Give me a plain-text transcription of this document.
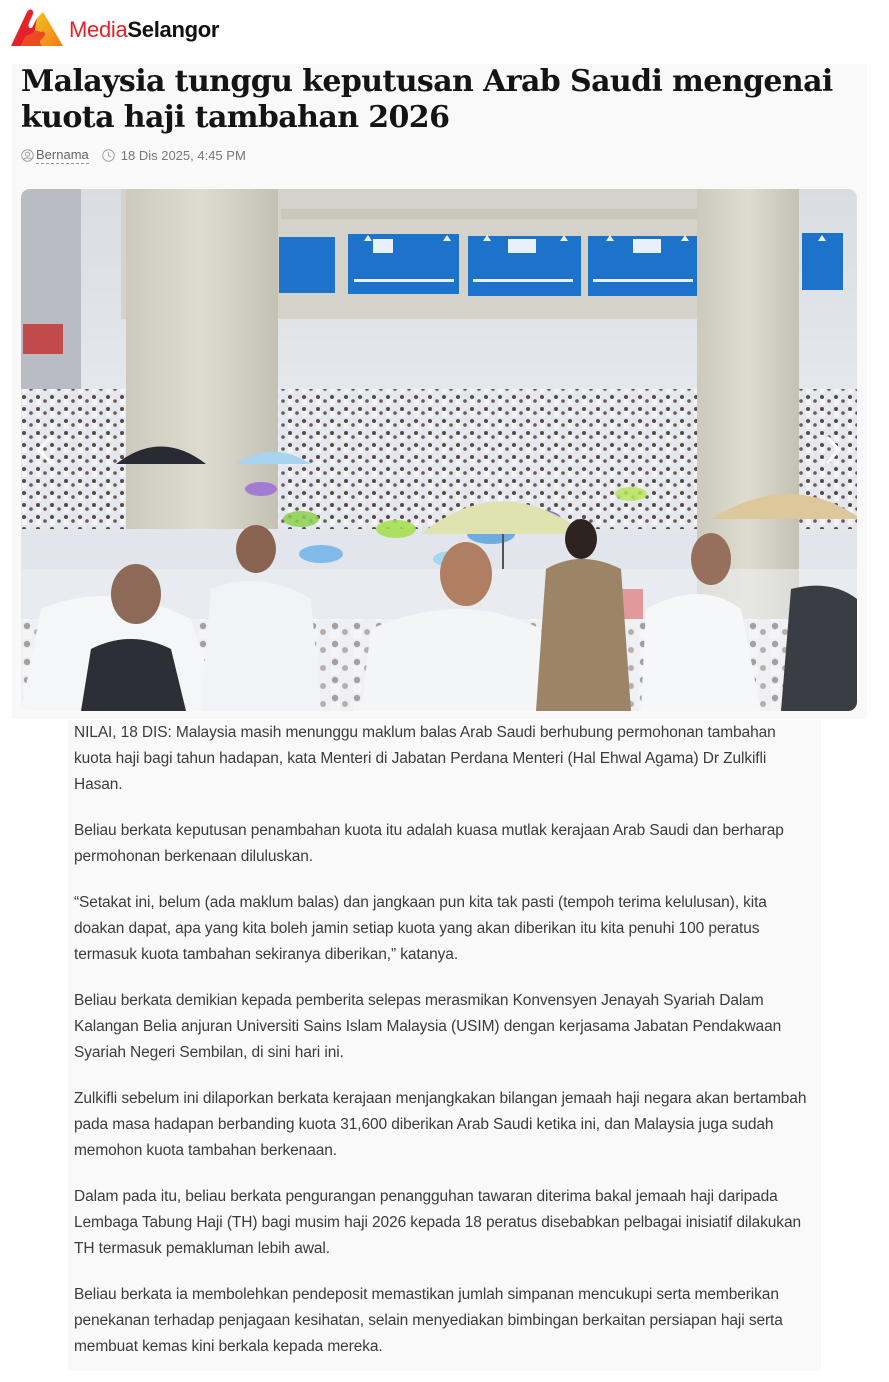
MediaSelangor
Malaysia tunggu keputusan Arab Saudi mengenai kuota haji tambahan 2026
Bernama 18 Dis 2025, 4:45 PM

NILAI, 18 DIS: Malaysia masih menunggu maklum balas Arab Saudi berhubung permohonan tambahan kuota haji bagi tahun hadapan, kata Menteri di Jabatan Perdana Menteri (Hal Ehwal Agama) Dr Zulkifli Hasan.

Beliau berkata keputusan penambahan kuota itu adalah kuasa mutlak kerajaan Arab Saudi dan berharap permohonan berkenaan diluluskan.

“Setakat ini, belum (ada maklum balas) dan jangkaan pun kita tak pasti (tempoh terima kelulusan), kita doakan dapat, apa yang kita boleh jamin setiap kuota yang akan diberikan itu kita penuhi 100 peratus termasuk kuota tambahan sekiranya diberikan,” katanya.

Beliau berkata demikian kepada pemberita selepas merasmikan Konvensyen Jenayah Syariah Dalam Kalangan Belia anjuran Universiti Sains Islam Malaysia (USIM) dengan kerjasama Jabatan Pendakwaan Syariah Negeri Sembilan, di sini hari ini.

Zulkifli sebelum ini dilaporkan berkata kerajaan menjangkakan bilangan jemaah haji negara akan bertambah pada masa hadapan berbanding kuota 31,600 diberikan Arab Saudi ketika ini, dan Malaysia juga sudah memohon kuota tambahan berkenaan.

Dalam pada itu, beliau berkata pengurangan penangguhan tawaran diterima bakal jemaah haji daripada Lembaga Tabung Haji (TH) bagi musim haji 2026 kepada 18 peratus disebabkan pelbagai inisiatif dilakukan TH termasuk pemakluman lebih awal.

Beliau berkata ia membolehkan pendeposit memastikan jumlah simpanan mencukupi serta memberikan penekanan terhadap penjagaan kesihatan, selain menyediakan bimbingan berkaitan persiapan haji serta membuat kemas kini berkala kepada mereka.
